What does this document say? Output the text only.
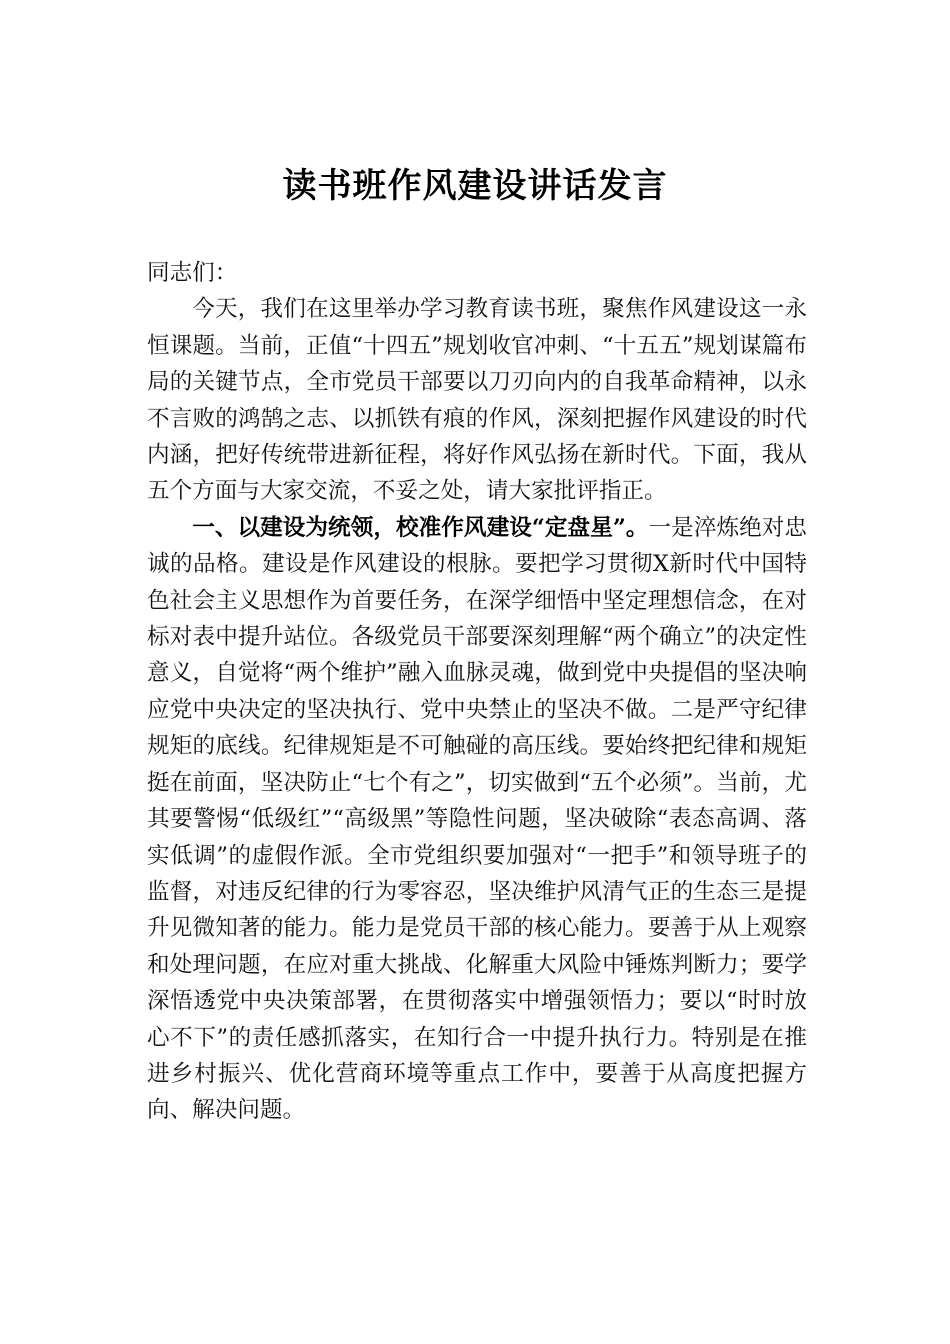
读书班作风建设讲话发言

同志们：

今天，我们在这里举办学习教育读书班，聚焦作风建设这一永恒课题。当前，正值“十四五”规划收官冲刺、“十五五”规划谋篇布局的关键节点，全市党员干部要以刀刃向内的自我革命精神，以永不言败的鸿鹄之志、以抓铁有痕的作风，深刻把握作风建设的时代内涵，把好传统带进新征程，将好作风弘扬在新时代。下面，我从五个方面与大家交流，不妥之处，请大家批评指正。

一、以建设为统领，校准作风建设“定盘星”。一是淬炼绝对忠诚的品格。建设是作风建设的根脉。要把学习贯彻X新时代中国特色社会主义思想作为首要任务，在深学细悟中坚定理想信念，在对标对表中提升站位。各级党员干部要深刻理解“两个确立”的决定性意义，自觉将“两个维护”融入血脉灵魂，做到党中央提倡的坚决响应党中央决定的坚决执行、党中央禁止的坚决不做。二是严守纪律规矩的底线。纪律规矩是不可触碰的高压线。要始终把纪律和规矩挺在前面，坚决防止“七个有之”，切实做到“五个必须”。当前，尤其要警惕“低级红”“高级黑”等隐性问题，坚决破除“表态高调、落实低调”的虚假作派。全市党组织要加强对“一把手”和领导班子的监督，对违反纪律的行为零容忍，坚决维护风清气正的生态三是提升见微知著的能力。能力是党员干部的核心能力。要善于从上观察和处理问题，在应对重大挑战、化解重大风险中锤炼判断力；要学深悟透党中央决策部署，在贯彻落实中增强领悟力；要以“时时放心不下”的责任感抓落实，在知行合一中提升执行力。特别是在推进乡村振兴、优化营商环境等重点工作中，要善于从高度把握方向、解决问题。
